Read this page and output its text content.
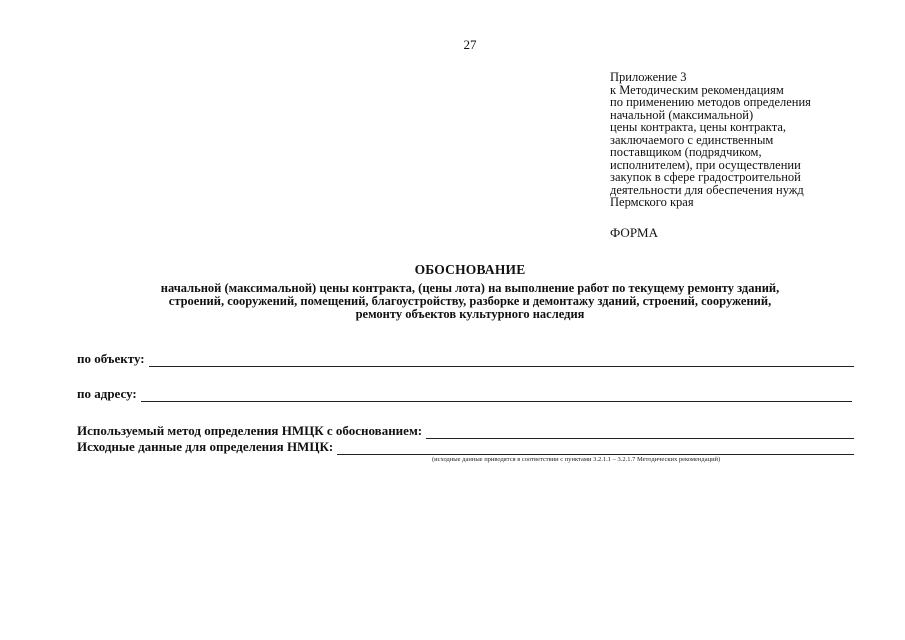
27
Приложение 3
к Методическим рекомендациям
по применению методов определения
начальной (максимальной)
цены контракта, цены контракта,
заключаемого с единственным
поставщиком (подрядчиком,
исполнителем), при осуществлении
закупок в сфере градостроительной
деятельности для обеспечения нужд
Пермского края
ФОРМА
ОБОСНОВАНИЕ
начальной (максимальной) цены контракта, (цены лота) на выполнение работ по текущему ремонту зданий,
строений, сооружений, помещений, благоустройству, разборке и демонтажу зданий, строений, сооружений,
ремонту объектов культурного наследия
по объекту:
по адресу:
Используемый метод определения НМЦК с обоснованием:
Исходные данные для определения НМЦК:
(исходные данные приводятся в соответствии с пунктами 3.2.1.1 – 3.2.1.7 Методических рекомендаций)
